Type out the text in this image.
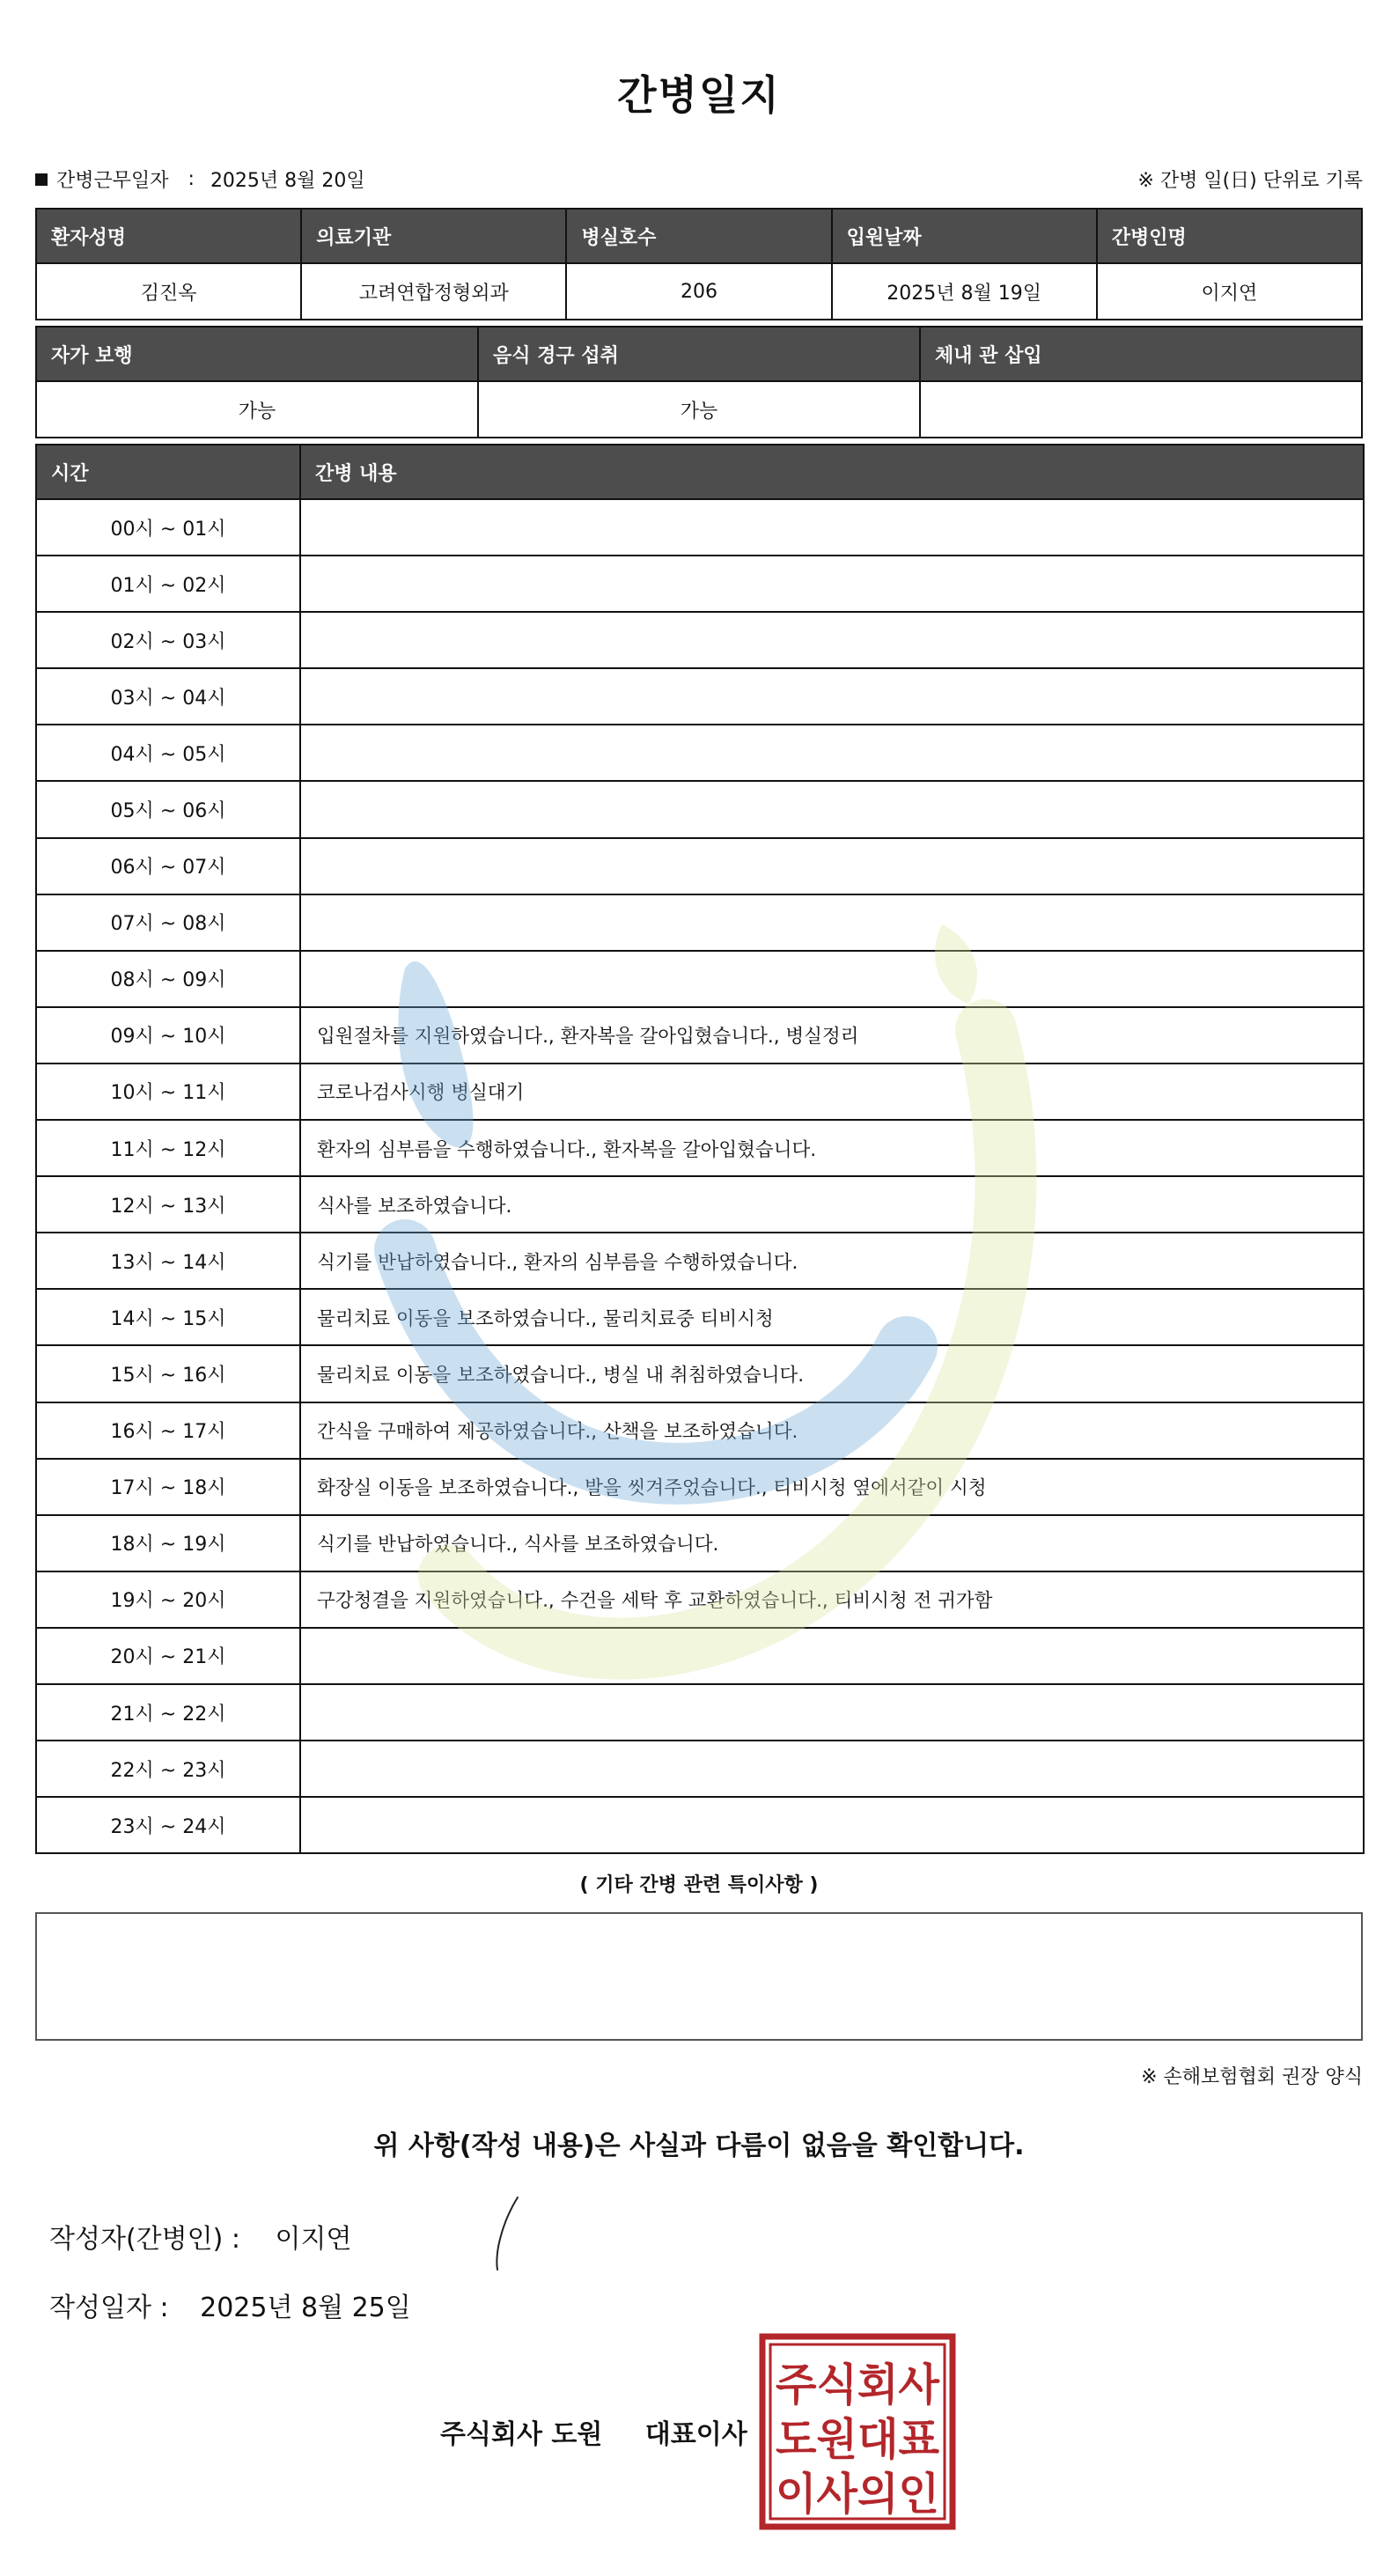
간병일지
간병근무일자 : 2025년 8월 20일	※ 간병 일(日) 단위로 기록
환자성명	의료기관	병실호수	입원날짜	간병인명
김진옥	고려연합정형외과	206	2025년 8월 19일	이지연
자가 보행	음식 경구 섭취	체내 관 삽입
가능	가능	
시간	간병 내용
00시 ~ 01시	
01시 ~ 02시	
02시 ~ 03시	
03시 ~ 04시	
04시 ~ 05시	
05시 ~ 06시	
06시 ~ 07시	
07시 ~ 08시	
08시 ~ 09시	
09시 ~ 10시	입원절차를 지원하였습니다., 환자복을 갈아입혔습니다., 병실정리
10시 ~ 11시	코로나검사시행 병실대기
11시 ~ 12시	환자의 심부름을 수행하였습니다., 환자복을 갈아입혔습니다.
12시 ~ 13시	식사를 보조하였습니다.
13시 ~ 14시	식기를 반납하였습니다., 환자의 심부름을 수행하였습니다.
14시 ~ 15시	물리치료 이동을 보조하였습니다., 물리치료중 티비시청
15시 ~ 16시	물리치료 이동을 보조하였습니다., 병실 내 취침하였습니다.
16시 ~ 17시	간식을 구매하여 제공하였습니다., 산책을 보조하였습니다.
17시 ~ 18시	화장실 이동을 보조하였습니다., 발을 씻겨주었습니다., 티비시청 옆에서같이 시청
18시 ~ 19시	식기를 반납하였습니다., 식사를 보조하였습니다.
19시 ~ 20시	구강청결을 지원하였습니다., 수건을 세탁 후 교환하였습니다., 티비시청 전 귀가함
20시 ~ 21시	
21시 ~ 22시	
22시 ~ 23시	
23시 ~ 24시	
( 기타 간병 관련 특이사항 )
※ 손해보험협회 권장 양식
위 사항(작성 내용)은 사실과 다름이 없음을 확인합니다.
작성자(간병인) : 이지연
작성일자 : 2025년 8월 25일
주식회사 도원 대표이사
주식회사
도원대표
이사의인
